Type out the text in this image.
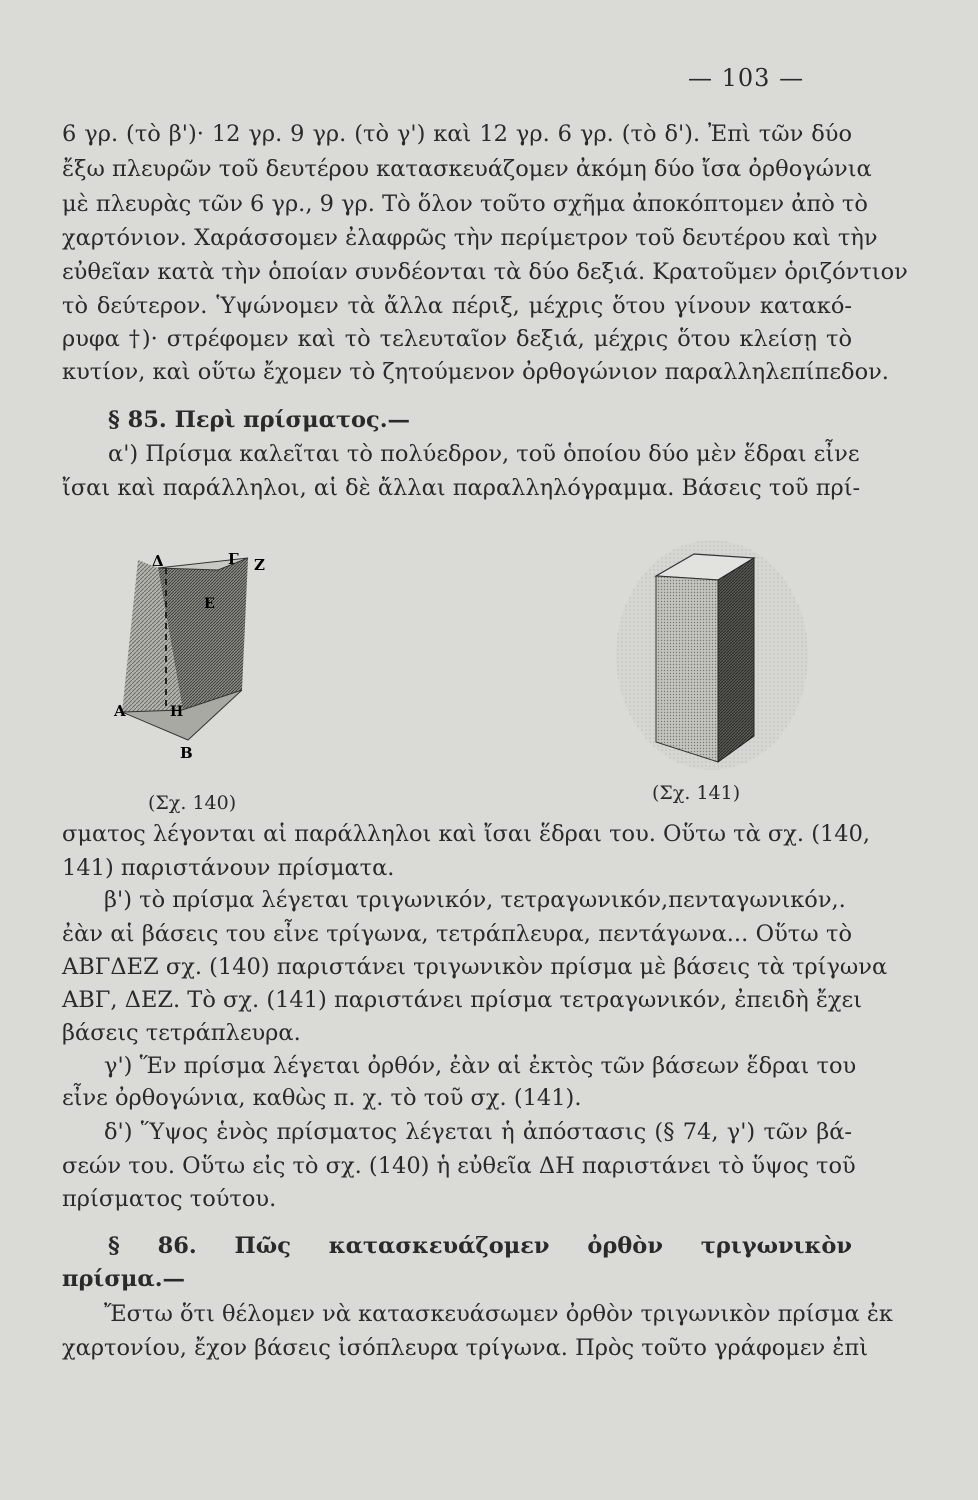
— 103 —
6 γρ. (τὸ β')· 12 γρ. 9 γρ. (τὸ γ') καὶ 12 γρ. 6 γρ. (τὸ δ'). Ἐπὶ τῶν δύο
ἔξω πλευρῶν τοῦ δευτέρου κατασκευάζομεν ἀκόμη δύο ἴσα ὀρθογώνια
μὲ πλευρὰς τῶν 6 γρ., 9 γρ. Τὸ ὅλον τοῦτο σχῆμα ἀποκόπτομεν ἀπὸ τὸ
χαρτόνιον. Χαράσσομεν ἐλαφρῶς τὴν περίμετρον τοῦ δευτέρου καὶ τὴν
εὐθεῖαν κατὰ τὴν ὁποίαν συνδέονται τὰ δύο δεξιά. Κρατοῦμεν ὁριζόντιον
τὸ δεύτερον. Ὑψώνομεν τὰ ἄλλα πέριξ, μέχρις ὅτου γίνουν κατακό-
ρυφα †)· στρέφομεν καὶ τὸ τελευταῖον δεξιά, μέχρις ὅτου κλείσῃ τὸ
κυτίον, καὶ οὕτω ἔχομεν τὸ ζητούμενον ὀρθογώνιον παραλληλεπίπεδον.
§ 85. Περὶ πρίσματος.—
α') Πρίσμα καλεῖται τὸ πολύεδρον, τοῦ ὁποίου δύο μὲν ἕδραι εἶνε
ἴσαι καὶ παράλληλοι, αἱ δὲ ἄλλαι παραλληλόγραμμα. Βάσεις τοῦ πρί-
Δ	Γ Ζ
Ε
Α	Η
Β
(Σχ. 140)	(Σχ. 141)
σματος λέγονται αἱ παράλληλοι καὶ ἴσαι ἕδραι του. Οὕτω τὰ σχ. (140,
141) παριστάνουν πρίσματα.
β') τὸ πρίσμα λέγεται τριγωνικόν, τετραγωνικόν,πενταγωνικόν,.
ἐὰν αἱ βάσεις του εἶνε τρίγωνα, τετράπλευρα, πεντάγωνα... Οὕτω τὸ
ΑΒΓΔΕΖ σχ. (140) παριστάνει τριγωνικὸν πρίσμα μὲ βάσεις τὰ τρίγωνα
ΑΒΓ, ΔΕΖ. Τὸ σχ. (141) παριστάνει πρίσμα τετραγωνικόν, ἐπειδὴ ἔχει
βάσεις τετράπλευρα.
γ') Ἕν πρίσμα λέγεται ὀρθόν, ἐὰν αἱ ἐκτὸς τῶν βάσεων ἕδραι του
εἶνε ὀρθογώνια, καθὼς π. χ. τὸ τοῦ σχ. (141).
δ') Ὕψος ἑνὸς πρίσματος λέγεται ἡ ἀπόστασις (§ 74, γ') τῶν βά-
σεών του. Οὕτω εἰς τὸ σχ. (140) ἡ εὐθεῖα ΔΗ παριστάνει τὸ ὕψος τοῦ
πρίσματος τούτου.
§ 86. Πῶς κατασκευάζομεν ὀρθὸν τριγωνικὸν
πρίσμα.—
Ἔστω ὅτι θέλομεν νὰ κατασκευάσωμεν ὀρθὸν τριγωνικὸν πρίσμα ἐκ
χαρτονίου, ἔχον βάσεις ἰσόπλευρα τρίγωνα. Πρὸς τοῦτο γράφομεν ἐπὶ
